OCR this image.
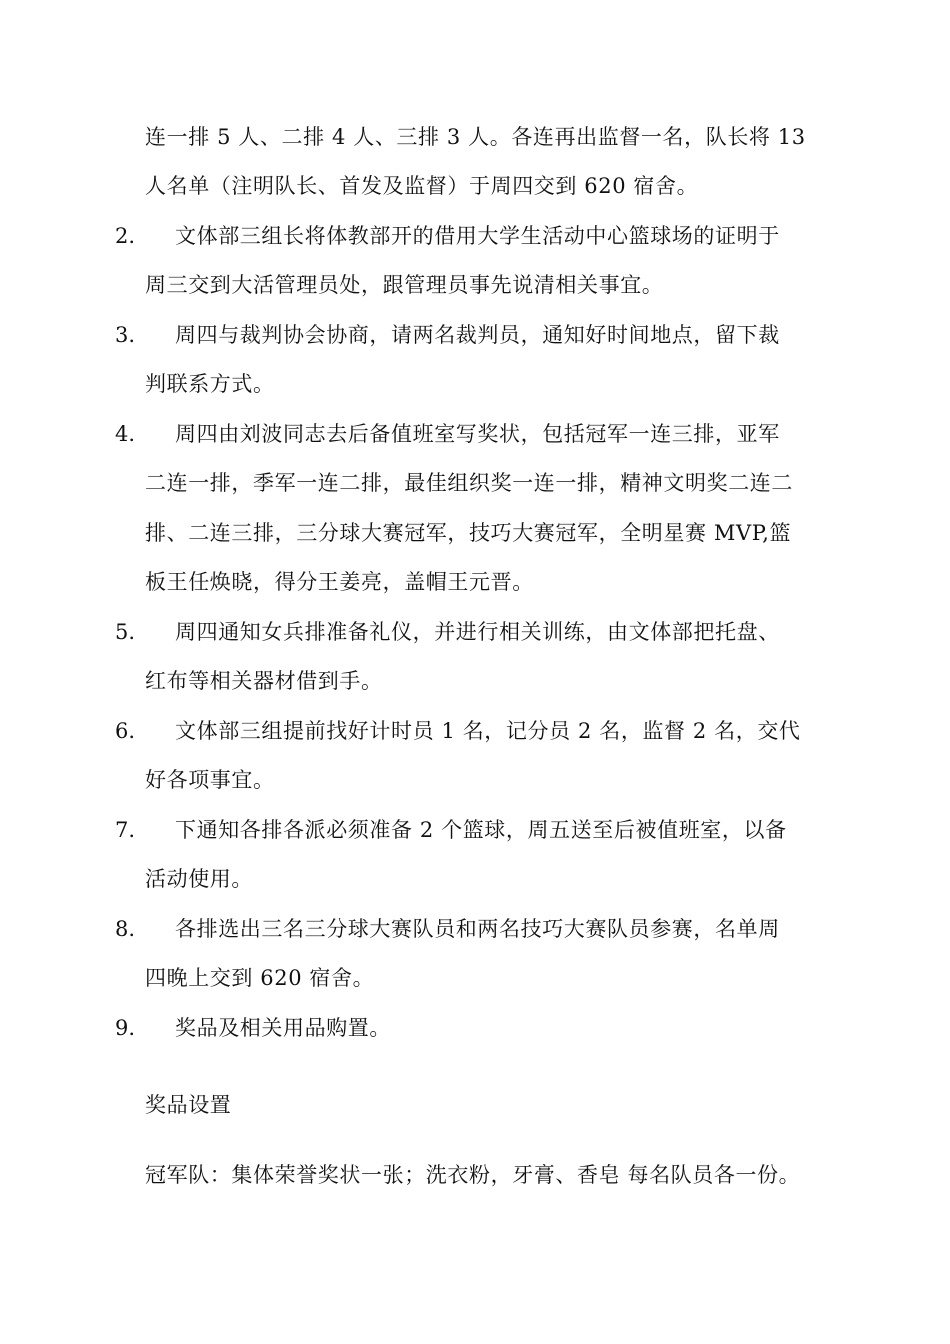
连一排 5 人、二排 4 人、三排 3 人。各连再出监督一名，队长将 13
人名单（注明队长、首发及监督）于周四交到 620 宿舍。
2. 文体部三组长将体教部开的借用大学生活动中心篮球场的证明于
周三交到大活管理员处，跟管理员事先说清相关事宜。
3. 周四与裁判协会协商，请两名裁判员，通知好时间地点，留下裁
判联系方式。
4. 周四由刘波同志去后备值班室写奖状，包括冠军一连三排，亚军
二连一排，季军一连二排，最佳组织奖一连一排，精神文明奖二连二
排、二连三排，三分球大赛冠军，技巧大赛冠军，全明星赛 MVP,篮
板王任焕晓，得分王姜亮，盖帽王元晋。
5. 周四通知女兵排准备礼仪，并进行相关训练，由文体部把托盘、
红布等相关器材借到手。
6. 文体部三组提前找好计时员 1 名，记分员 2 名，监督 2 名，交代
好各项事宜。
7. 下通知各排各派必须准备 2 个篮球，周五送至后被值班室，以备
活动使用。
8. 各排选出三名三分球大赛队员和两名技巧大赛队员参赛，名单周
四晚上交到 620 宿舍。
9. 奖品及相关用品购置。
奖品设置
冠军队：集体荣誉奖状一张；洗衣粉，牙膏、香皂 每名队员各一份。
